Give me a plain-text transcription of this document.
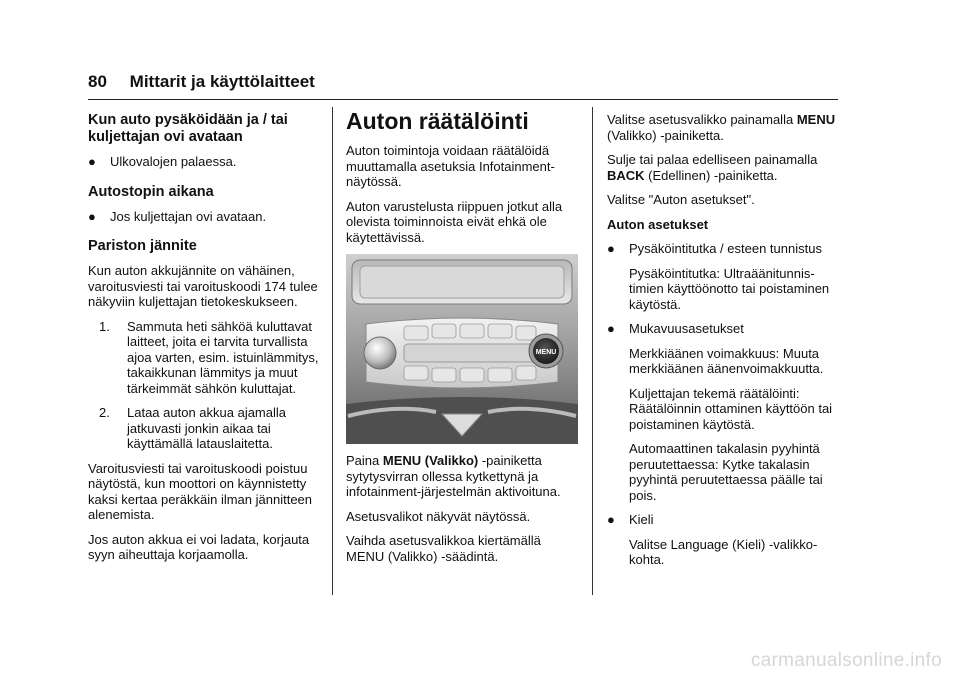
80 Mittarit ja käyttölaitteet
Kun auto pysäköidään ja / tai kuljettajan ovi avataan
● Ulkovalojen palaessa.
Autostopin aikana
● Jos kuljettajan ovi avataan.
Pariston jännite

Kun auton akkujännite on vähäinen, varoitusviesti tai varoituskoodi 174 tulee näkyviin kuljettajan tietokeskukseen.

1. Sammuta heti sähköä kuluttavat laitteet, joita ei tarvita turvallista ajoa varten, esim. istuinlämmitys, takaikkunan lämmitys ja muut tärkeimmät sähkön kuluttajat.
2. Lataa auton akkua ajamalla jatkuvasti jonkin aikaa tai käyttämällä latauslaitetta.

Varoitusviesti tai varoituskoodi poistuu näytöstä, kun moottori on käynnistetty kaksi kertaa peräkkäin ilman jännitteen alenemista.

Jos auton akkua ei voi ladata, korjauta syyn aiheuttaja korjaamolla.

Auton räätälöinti

Auton toimintoja voidaan räätälöidä muuttamalla asetuksia Infotainment-näytössä.

Auton varustelusta riippuen jotkut alla olevista toiminnoista eivät ehkä ole käytettävissä.

MENU

Paina MENU (Valikko) -painiketta sytytysvirran ollessa kytkettynä ja infotainment-järjestelmän aktivoituna.

Asetusvalikot näkyvät näytössä.

Vaihda asetusvalikkoa kiertämällä MENU (Valikko) -säädintä.

Valitse asetusvalikko painamalla MENU (Valikko) -painiketta.

Sulje tai palaa edelliseen painamalla BACK (Edellinen) -painiketta.

Valitse "Auton asetukset".

Auton asetukset

● Pysäköintitutka / esteen tunnistus
Pysäköintitutka: Ultraäänitunnistimien käyttöönotto tai poistaminen käytöstä.
● Mukavuusasetukset
Merkkiäänen voimakkuus: Muuta merkkiäänen äänenvoimakkuutta.
Kuljettajan tekemä räätälöinti: Räätälöinnin ottaminen käyttöön tai poistaminen käytöstä.
Automaattinen takalasin pyyhintä peruutettaessa: Kytke takalasin pyyhintä peruutettaessa päälle tai pois.
● Kieli
Valitse Language (Kieli) -valikkokohta.
carmanualsonline.info
